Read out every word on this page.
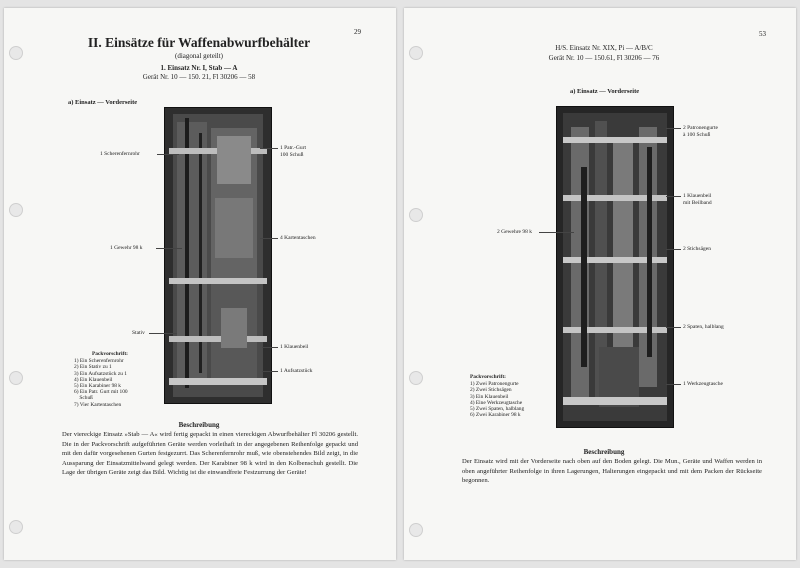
29
II. Einsätze für Waffenabwurfbehälter
(diagonal geteilt)
1. Einsatz Nr. I, Stab — A
Gerät Nr. 10 — 150. 21, Fl 30206 — 58
a) Einsatz — Vorderseite
1 Scherenfernrohr
1 Gewehr 98 k
Stativ
1 Patr.-Gurt
100 Schuß
4 Kartentaschen
1 Klauenbeil
1 Aufsatzstück
Packvorschrift:
1) Ein Scherenfernrohr
2) Ein Stativ zu 1
3) Ein Aufsatzstück zu 1
4) Ein Klauenbeil
5) Ein Karabiner 98 k
6) Ein Patr. Gurt mit 100
Schuß
7) Vier Kartentaschen
Beschreibung
Der viereckige Einsatz »Stab — A« wird fertig gepackt in einen viereckigen Abwurfbehälter Fl 30206 gestellt. Die in der Packvorschrift aufgeführten Geräte werden vorleihaft in der angegebenen Reihenfolge gepackt und mit den dafür vorgesehenen Gurten festgezurrt. Das Scherenfernrohr muß, wie obenstehendes Bild zeigt, in die Aussparung der Einsatzmittelwand gelegt werden. Der Karabiner 98 k wird in den Kolbenschuh gestellt. Die Lage der übrigen Geräte zeigt das Bild. Wichtig ist die einwandfreie Festzurrung der Geräte!
53
H/S. Einsatz Nr. XIX, Pi — A/B/C
Gerät Nr. 10 — 150.61, Fl 30206 — 76
a) Einsatz — Vorderseite
2 Gewehre 98 k
2 Patronengurte
à 100 Schuß
1 Klauenbeil
mit Beilband
2 Stichsägen
2 Spaten, halblang
1 Werkzeugtasche
Packvorschrift:
1) Zwei Patronengurte
2) Zwei Stichsägen
3) Ein Klauenbeil
4) Eine Werkzeugtasche
5) Zwei Spaten, halblang
6) Zwei Karabiner 98 k
Beschreibung
Der Einsatz wird mit der Vorderseite nach oben auf den Boden gelegt. Die Mun., Geräte und Waffen werden in oben angeführter Reihenfolge in ihren Lagerungen, Halterungen eingepackt und mit dem Packen der Rückseite begonnen.
